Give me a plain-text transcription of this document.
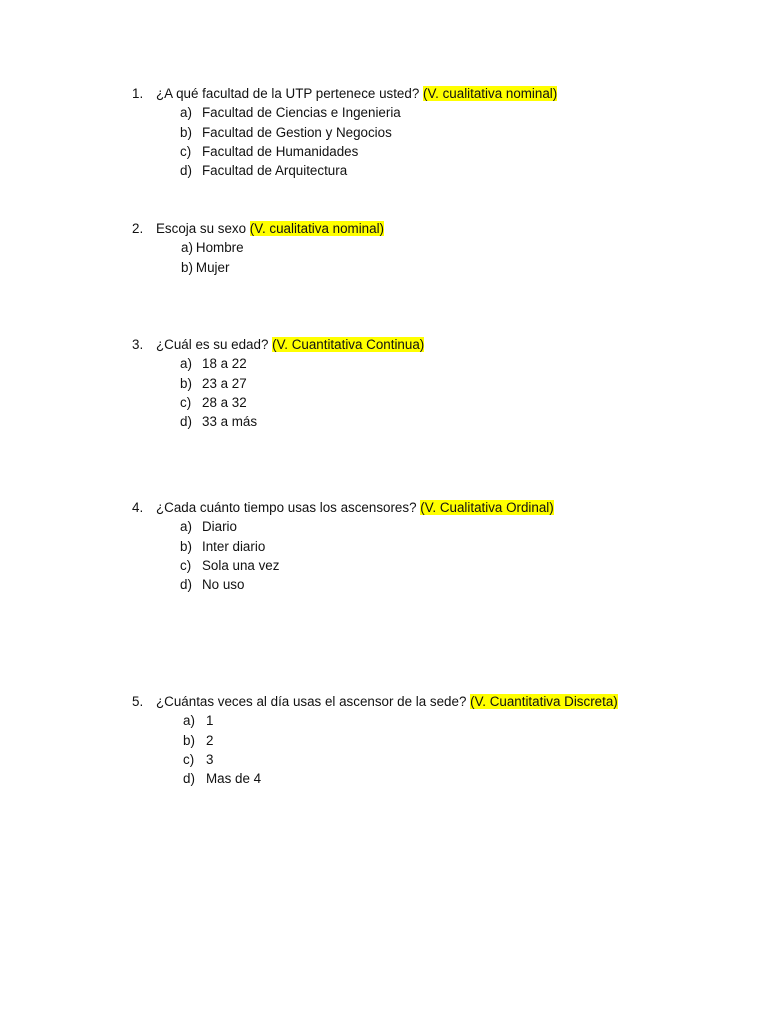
1. ¿A qué facultad de la UTP pertenece usted? (V. cualitativa nominal)
a) Facultad de Ciencias e Ingenieria
b) Facultad de Gestion y Negocios
c) Facultad de Humanidades
d) Facultad de Arquitectura
2. Escoja su sexo (V. cualitativa nominal)
a) Hombre
b) Mujer
3. ¿Cuál es su edad? (V. Cuantitativa Continua)
a) 18 a 22
b) 23 a 27
c) 28 a 32
d) 33 a más
4. ¿Cada cuánto tiempo usas los ascensores? (V. Cualitativa Ordinal)
a) Diario
b) Inter diario
c) Sola una vez
d) No uso
5. ¿Cuántas veces al día usas el ascensor de la sede? (V. Cuantitativa Discreta)
a) 1
b) 2
c) 3
d) Mas de 4
